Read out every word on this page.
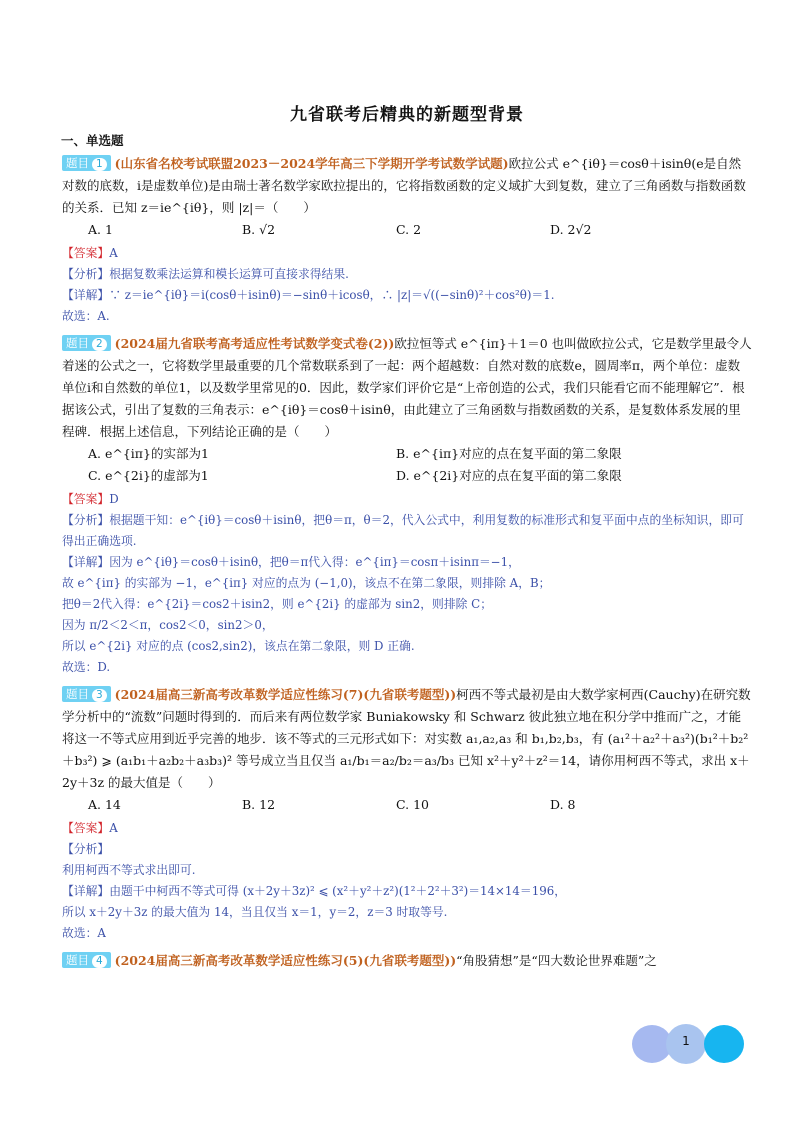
九省联考后精典的新题型背景
一、单选题

题目 1 (山东省名校考试联盟2023－2024学年高三下学期开学考试数学试题)欧拉公式 e^{iθ}＝cosθ＋isinθ(e是自然对数的底数，i是虚数单位)是由瑞士著名数学家欧拉提出的，它将指数函数的定义域扩大到复数，建立了三角函数与指数函数的关系．已知 z＝ie^{iθ}，则 |z|＝（　　）

A. 1	B. √2	C. 2	D. 2√2

【答案】A

【分析】根据复数乘法运算和模长运算可直接求得结果.

【详解】∵ z＝ie^{iθ}＝i(cosθ＋isinθ)＝−sinθ＋icosθ，∴ |z|＝√((−sinθ)²＋cos²θ)＝1.

故选：A.

题目 2 (2024届九省联考高考适应性考试数学变式卷(2))欧拉恒等式 e^{iπ}＋1＝0 也叫做欧拉公式，它是数学里最令人着迷的公式之一，它将数学里最重要的几个常数联系到了一起：两个超越数：自然对数的底数e，圆周率π，两个单位：虚数单位i和自然数的单位1，以及数学里常见的0．因此，数学家们评价它是“上帝创造的公式，我们只能看它而不能理解它”．根据该公式，引出了复数的三角表示：e^{iθ}＝cosθ＋isinθ，由此建立了三角函数与指数函数的关系，是复数体系发展的里程碑．根据上述信息，下列结论正确的是（　　）

A. e^{iπ}的实部为1	B. e^{iπ}对应的点在复平面的第二象限
C. e^{2i}的虚部为1	D. e^{2i}对应的点在复平面的第二象限

【答案】D

【分析】根据题干知：e^{iθ}＝cosθ＋isinθ，把θ＝π，θ＝2，代入公式中，利用复数的标准形式和复平面中点的坐标知识，即可得出正确选项.

【详解】因为 e^{iθ}＝cosθ＋isinθ，把θ＝π代入得：e^{iπ}＝cosπ＋isinπ＝−1，

故 e^{iπ} 的实部为 −1，e^{iπ} 对应的点为 (−1,0)，该点不在第二象限，则排除 A，B；

把θ＝2代入得：e^{2i}＝cos2＋isin2，则 e^{2i} 的虚部为 sin2，则排除 C；

因为 π/2＜2＜π，cos2＜0，sin2＞0，

所以 e^{2i} 对应的点 (cos2,sin2)，该点在第二象限，则 D 正确.

故选：D.

题目 3 (2024届高三新高考改革数学适应性练习(7)(九省联考题型))柯西不等式最初是由大数学家柯西(Cauchy)在研究数学分析中的“流数”问题时得到的．而后来有两位数学家 Buniakowsky 和 Schwarz 彼此独立地在积分学中推而广之，才能将这一不等式应用到近乎完善的地步．该不等式的三元形式如下：对实数 a₁,a₂,a₃ 和 b₁,b₂,b₃，有 (a₁²＋a₂²＋a₃²)(b₁²＋b₂²＋b₃²) ⩾ (a₁b₁＋a₂b₂＋a₃b₃)² 等号成立当且仅当 a₁/b₁＝a₂/b₂＝a₃/b₃ 已知 x²＋y²＋z²＝14，请你用柯西不等式，求出 x＋2y＋3z 的最大值是（　　）

A. 14	B. 12	C. 10	D. 8

【答案】A

【分析】

利用柯西不等式求出即可.

【详解】由题干中柯西不等式可得 (x＋2y＋3z)² ⩽ (x²＋y²＋z²)(1²＋2²＋3²)＝14×14＝196，

所以 x＋2y＋3z 的最大值为 14，当且仅当 x＝1，y＝2，z＝3 时取等号.

故选：A

题目 4 (2024届高三新高考改革数学适应性练习(5)(九省联考题型))“角股猜想”是“四大数论世界难题”之

1
